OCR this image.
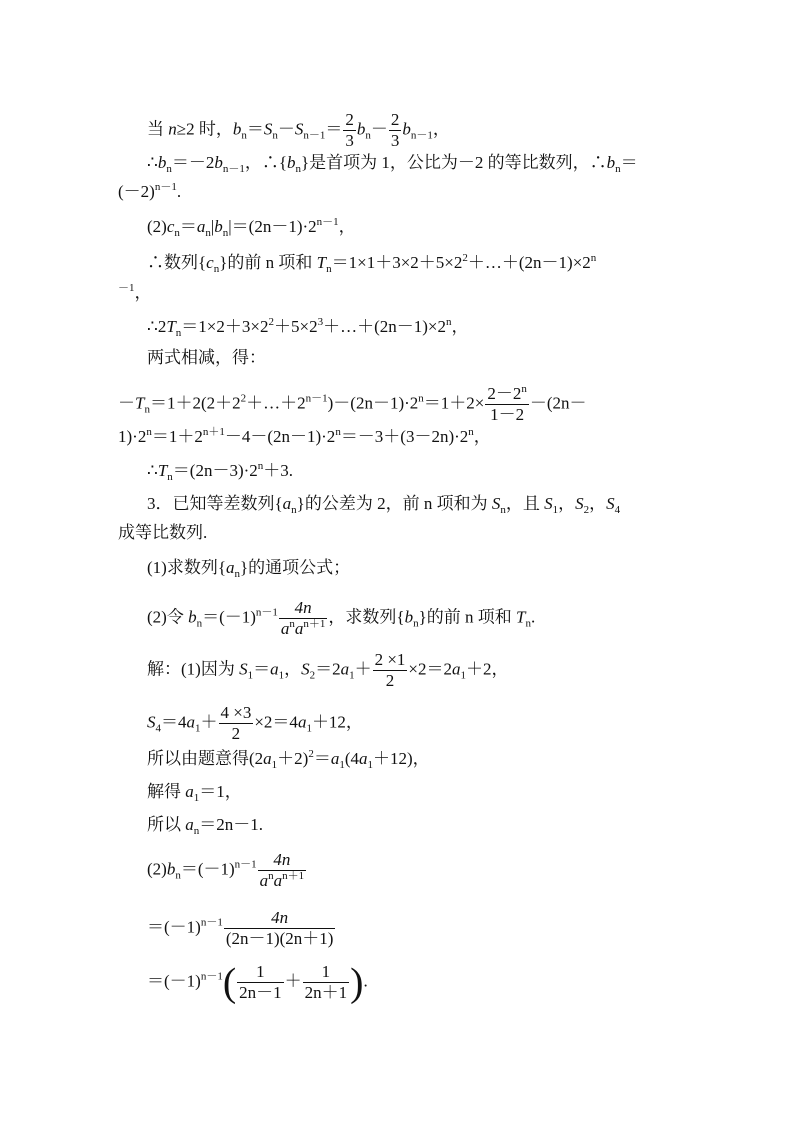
当 n≥2 时，$b_n=S_n-S_{n-1}= \frac{2}{3} b_n- \frac{2}{3} b_{n-1}$，
$\therefore b_n=-2b_{n-1}$，$\therefore\{b_n\}$是首项为 1，公比为－2 的等比数列，$\therefore b_n=$
$(-2)^{n-1}$.
$(2)c_n=a_n|b_n|=(2n-1)\cdot 2^{n-1}$，
∴数列$\{c_n\}$的前 n 项和 $T_n=1\times 1+3\times 2+5\times 2^2+\dots+(2n-1)\times 2^n$
$^{-1}$，
$\therefore 2T_n=1\times 2+3\times 2^2+5\times 2^3+\dots+(2n-1)\times 2^n$，
两式相减，得：
$-T_n=1+2(2+2^2+\dots+2^{n-1})-(2n-1)\cdot 2^n=1+2\times \frac{2-2^n}{1-2} -(2n-$
$1)\cdot 2^n=1+2^{n+1}-4-(2n-1)\cdot 2^n=-3+(3-2n)\cdot 2^n$，
$\therefore T_n=(2n-3)\cdot 2^n+3$.
3．已知等差数列$\{a_n\}$的公差为 2，前 n 项和为 $S_n$，且 $S_1$，$S_2$，$S_4$
成等比数列.
(1)求数列$\{a_n\}$的通项公式；
(2)令 $b_n=(-1)^{n-1} \frac{4n}{a^na^{n+1}}$ ，求数列$\{b_n\}$的前 n 项和 $T_n$.
解：(1)因为 $S_1=a_1$，$S_2=2a_1+ \frac{2 \times 1}{2} \times 2=2a_1+2$，
$S_4=4a_1+ \frac{4 \times 3}{2} \times 2=4a_1+12$，
所以由题意得$(2a_1+2)^2=a_1(4a_1+12)$，
解得 $a_1=1$，
所以 $a_n=2n-1$.
$(2)b_n=(-1)^{n-1} \frac{4n}{a^na^{n+1}}$
$=(-1)^{n-1} \frac{4n}{(2n-1)(2n+1)}$
$=(-1)^{n-1}( \frac{1}{2n-1} + \frac{1}{2n+1}$ ).
